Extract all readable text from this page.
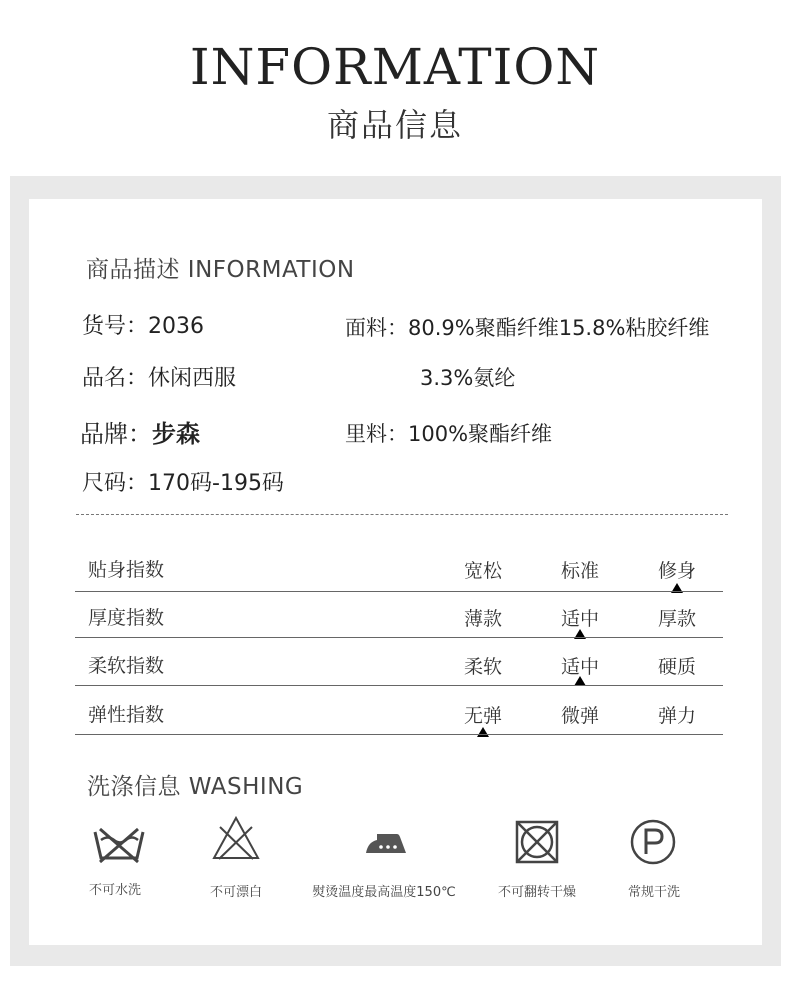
INFORMATION
商品信息
商品描述 INFORMATION
货号：2036
品名：休闲西服
品牌：步森
尺码：170码-195码
面料：80.9%聚酯纤维15.8%粘胶纤维
3.3%氨纶
里料：100%聚酯纤维
贴身指数	宽松	标准	修身
厚度指数	薄款	适中	厚款
柔软指数	柔软	适中	硬质
弹性指数	无弹	微弹	弹力
洗涤信息 WASHING
不可水洗	不可漂白	熨烫温度最高温度150℃	不可翻转干燥	常规干洗
